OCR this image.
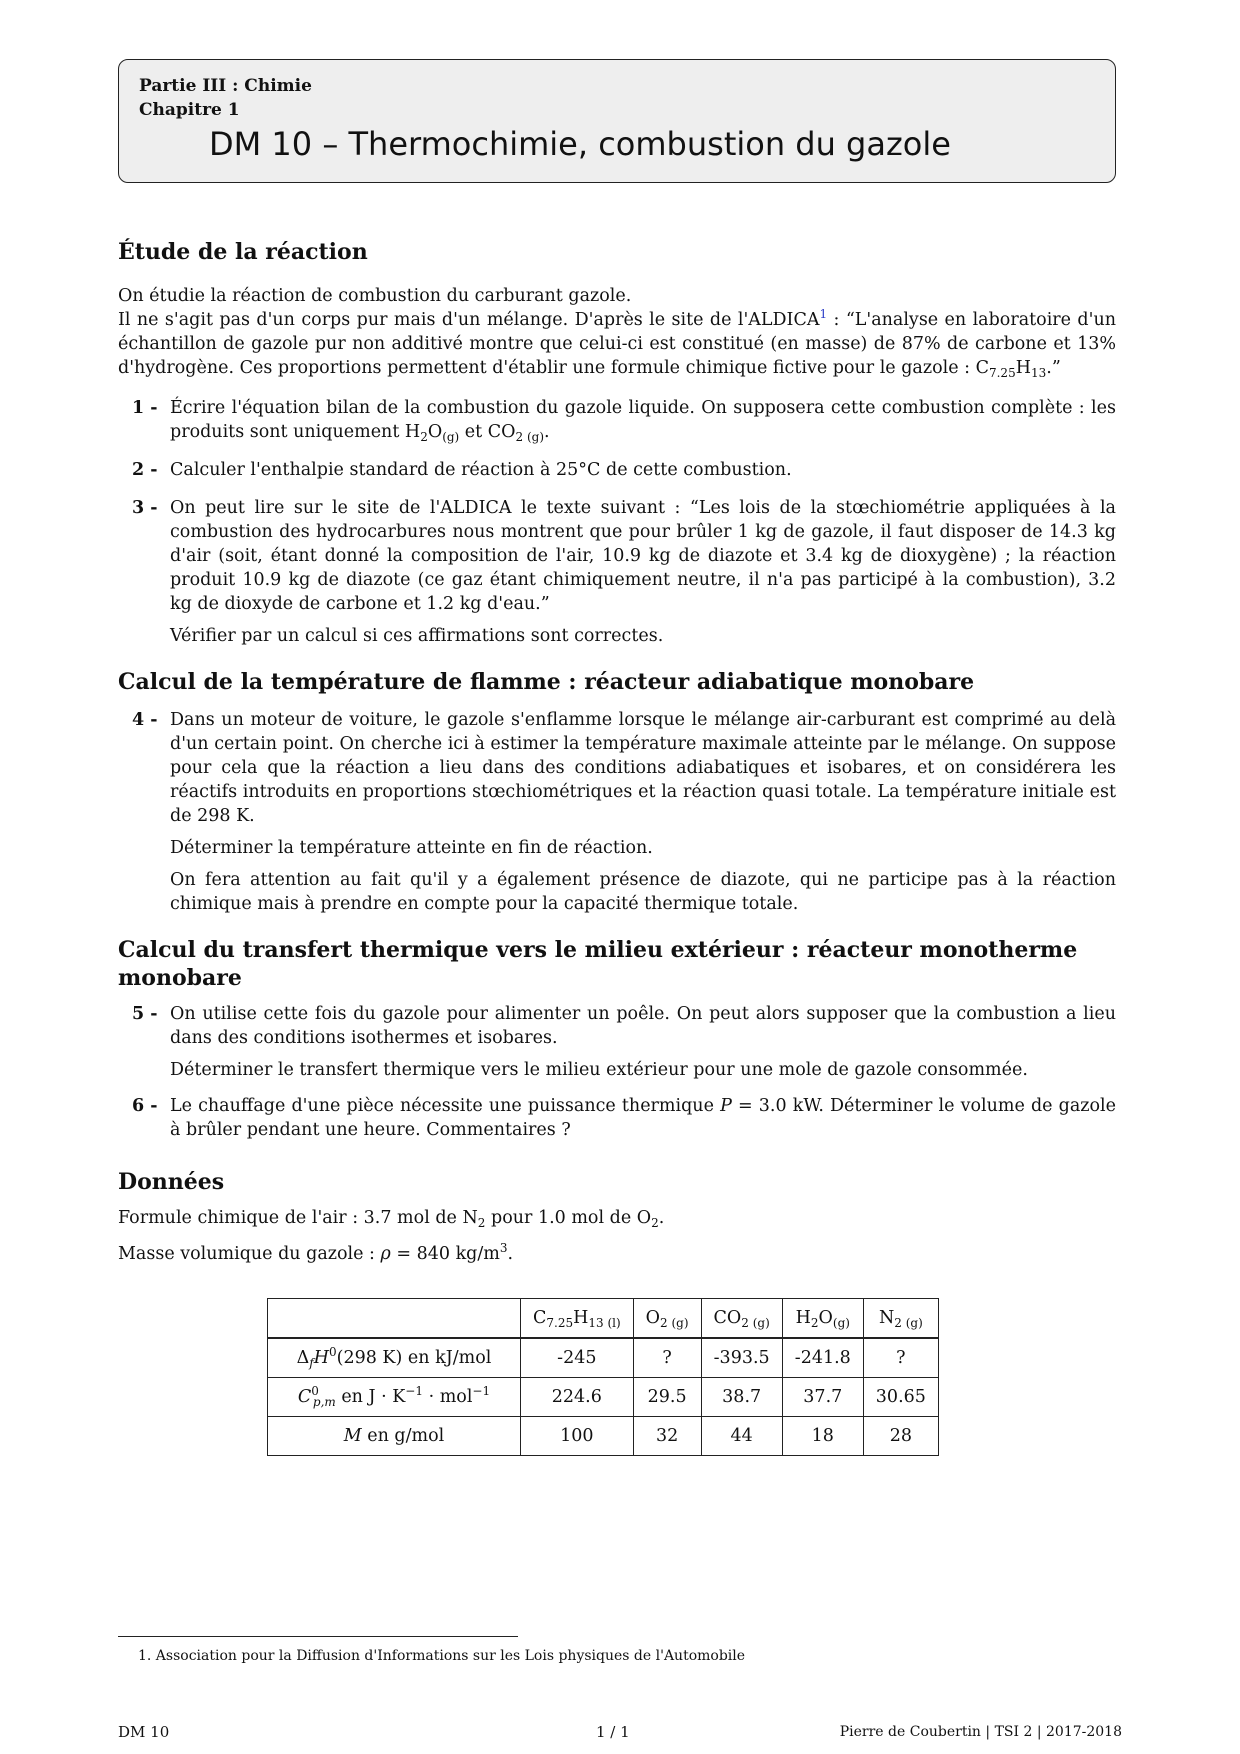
Partie III : Chimie
Chapitre 1
DM 10 – Thermochimie, combustion du gazole
Étude de la réaction

On étudie la réaction de combustion du carburant gazole.

Il ne s'agit pas d'un corps pur mais d'un mélange. D'après le site de l'ALDICA$^1$ : “L'analyse en laboratoire d'un échantillon de gazole pur non additivé montre que celui-ci est constitué (en masse) de 87% de carbone et 13% d'hydrogène. Ces proportions permettent d'établir une formule chimique fictive pour le gazole : $C_{7.25}H_{13}$.”

1 - Écrire l'équation bilan de la combustion du gazole liquide. On supposera cette combustion complète : les produits sont uniquement $H_2O_{(g)}$ et $CO_{2 (g)}$.
2 - Calculer l'enthalpie standard de réaction à 25°C de cette combustion.
3 - On peut lire sur le site de l'ALDICA le texte suivant : “Les lois de la stœchiométrie appliquées à la combustion des hydrocarbures nous montrent que pour brûler 1 kg de gazole, il faut disposer de 14.3 kg d'air (soit, étant donné la composition de l'air, 10.9 kg de diazote et 3.4 kg de dioxygène) ; la réaction produit 10.9 kg de diazote (ce gaz étant chimiquement neutre, il n'a pas participé à la combustion), 3.2 kg de dioxyde de carbone et 1.2 kg d'eau.”

Vérifier par un calcul si ces affirmations sont correctes.

Calcul de la température de flamme : réacteur adiabatique monobare
4 - Dans un moteur de voiture, le gazole s'enflamme lorsque le mélange air-carburant est comprimé au delà d'un certain point. On cherche ici à estimer la température maximale atteinte par le mélange. On suppose pour cela que la réaction a lieu dans des conditions adiabatiques et isobares, et on considérera les réactifs introduits en proportions stœchiométriques et la réaction quasi totale. La température initiale est de 298 K.

Déterminer la température atteinte en fin de réaction.

On fera attention au fait qu'il y a également présence de diazote, qui ne participe pas à la réaction chimique mais à prendre en compte pour la capacité thermique totale.

Calcul du transfert thermique vers le milieu extérieur : réacteur monotherme monobare
5 - On utilise cette fois du gazole pour alimenter un poêle. On peut alors supposer que la combustion a lieu dans des conditions isothermes et isobares.

Déterminer le transfert thermique vers le milieu extérieur pour une mole de gazole consommée.

6 - Le chauffage d'une pièce nécessite une puissance thermique P = 3.0 kW. Déterminer le volume de gazole à brûler pendant une heure. Commentaires ?
Données

Formule chimique de l'air : 3.7 mol de $N_2$ pour 1.0 mol de $O_2$.

Masse volumique du gazole : ρ = 840 $kg/m^3$.

	$C_{7.25}H_{13 (l)}$	$O_{2 (g)}$	$CO_{2 (g)}$	$H_2O_{(g)}$	$N_{2 (g)}$
$\Delta_fH^0(298$ K) en kJ/mol	-245	?	-393.5	-241.8	?
$C^0_{p,m}$ en $J \cdot K^{-1} \cdot mol^{-1}$	224.6	29.5	38.7	37.7	30.65
M en g/mol	100	32	44	18	28
1. Association pour la Diffusion d'Informations sur les Lois physiques de l'Automobile
DM 10	1 / 1	Pierre de Coubertin | TSI 2 | 2017-2018
